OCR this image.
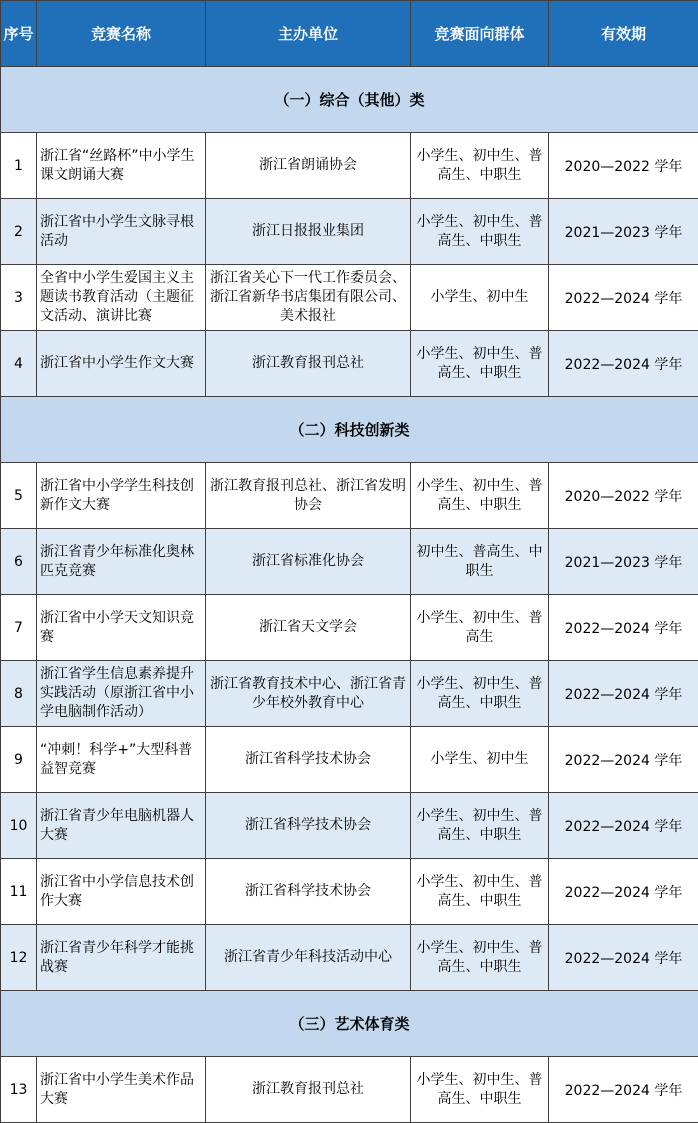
序号	竞赛名称	主办单位	竞赛面向群体	有效期
（一）综合（其他）类				
1	浙江省“丝路杯”中小学生课文朗诵大赛	浙江省朗诵协会	小学生、初中生、普高生、中职生	2020—2022 学年
2	浙江省中小学生文脉寻根活动	浙江日报报业集团	小学生、初中生、普高生、中职生	2021—2023 学年
3	全省中小学生爱国主义主题读书教育活动（主题征文活动、演讲比赛	浙江省关心下一代工作委员会、浙江省新华书店集团有限公司、美术报社	小学生、初中生	2022—2024 学年
4	浙江省中小学生作文大赛	浙江教育报刊总社	小学生、初中生、普高生、中职生	2022—2024 学年
（二）科技创新类				
5	浙江省中小学学生科技创新作文大赛	浙江教育报刊总社、浙江省发明协会	小学生、初中生、普高生、中职生	2020—2022 学年
6	浙江省青少年标准化奥林匹克竞赛	浙江省标准化协会	初中生、普高生、中职生	2021—2023 学年
7	浙江省中小学天文知识竞赛	浙江省天文学会	小学生、初中生、普高生	2022—2024 学年
8	浙江省学生信息素养提升实践活动（原浙江省中小学电脑制作活动）	浙江省教育技术中心、浙江省青少年校外教育中心	小学生、初中生、普高生、中职生	2022—2024 学年
9	“冲刺！科学+”大型科普益智竞赛	浙江省科学技术协会	小学生、初中生	2022—2024 学年
10	浙江省青少年电脑机器人大赛	浙江省科学技术协会	小学生、初中生、普高生、中职生	2022—2024 学年
11	浙江省中小学信息技术创作大赛	浙江省科学技术协会	小学生、初中生、普高生、中职生	2022—2024 学年
12	浙江省青少年科学才能挑战赛	浙江省青少年科技活动中心	小学生、初中生、普高生、中职生	2022—2024 学年
（三）艺术体育类				
13	浙江省中小学生美术作品大赛	浙江教育报刊总社	小学生、初中生、普高生、中职生	2022—2024 学年
